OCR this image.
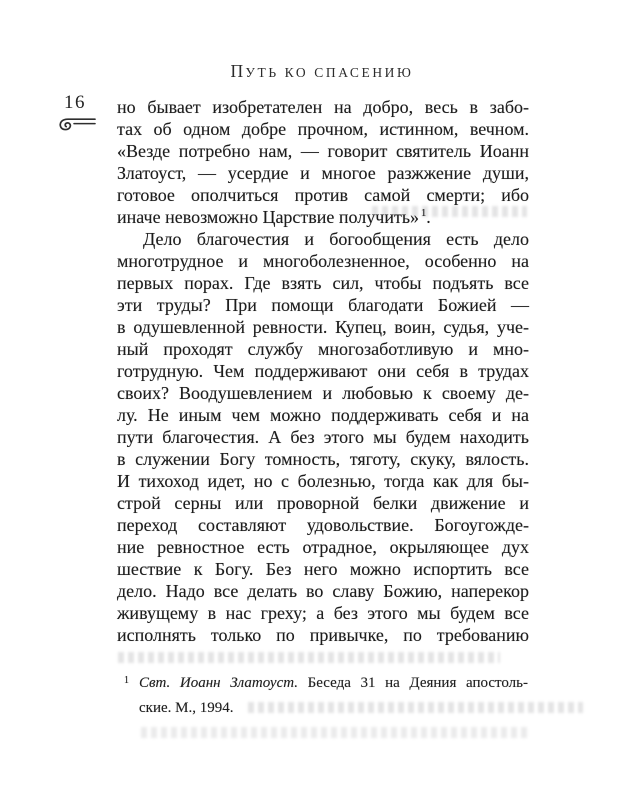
ПУТЬ КО СПАСЕНИЮ
16 но бывает изобретателен на добро, весь в забо-
тах об одном добре прочном, истинном, вечном.
«Везде потребно нам, — говорит святитель Иоанн
Златоуст, — усердие и многое разжжение души,
готовое ополчиться против самой смерти; ибо
иначе невозможно Царствие получить» $^1$.
Дело благочестия и богообщения есть дело
многотрудное и многоболезненное, особенно на
первых порах. Где взять сил, чтобы подъять все
эти труды? При помощи благодати Божией —
в одушевленной ревности. Купец, воин, судья, уче-
ный проходят службу многозаботливую и мно-
готрудную. Чем поддерживают они себя в трудах
своих? Воодушевлением и любовью к своему де-
лу. Не иным чем можно поддерживать себя и на
пути благочестия. А без этого мы будем находить
в служении Богу томность, тяготу, скуку, вялость.
И тихоход идет, но с болезнью, тогда как для бы-
строй серны или проворной белки движение и
переход составляют удовольствие. Богоугожде-
ние ревностное есть отрадное, окрыляющее дух
шествие к Богу. Без него можно испортить все
дело. Надо все делать во славу Божию, наперекор
живущему в нас греху; а без этого мы будем все
исполнять только по привычке, по требованию
1 Свт. Иоанн Златоуст. Беседа 31 на Деяния апостоль-
ские. М., 1994.
